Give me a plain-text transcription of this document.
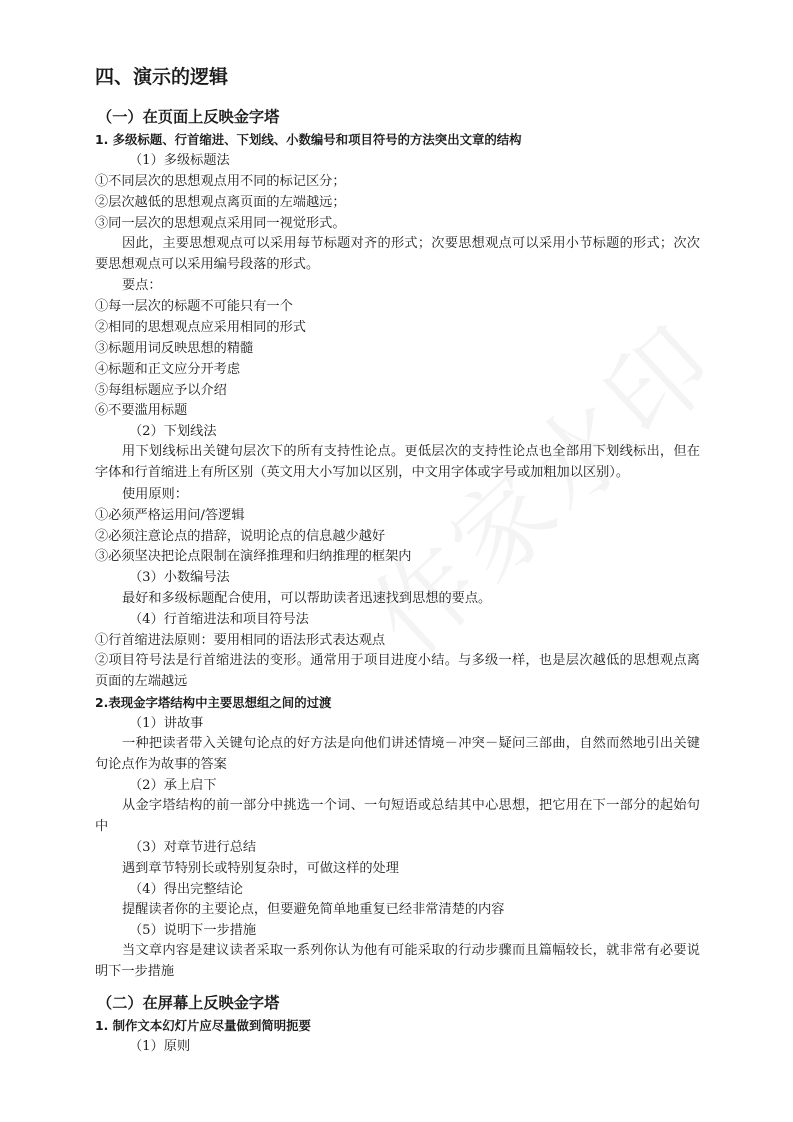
四、演示的逻辑
（一）在页面上反映金字塔
1. 多级标题、行首缩进、下划线、小数编号和项目符号的方法突出文章的结构
（1）多级标题法
①不同层次的思想观点用不同的标记区分；
②层次越低的思想观点离页面的左端越远；
③同一层次的思想观点采用同一视觉形式。
因此，主要思想观点可以采用每节标题对齐的形式；次要思想观点可以采用小节标题的形式；次次要思想观点可以采用编号段落的形式。
要点：
①每一层次的标题不可能只有一个
②相同的思想观点应采用相同的形式
③标题用词反映思想的精髓
④标题和正文应分开考虑
⑤每组标题应予以介绍
⑥不要滥用标题
（2）下划线法
用下划线标出关键句层次下的所有支持性论点。更低层次的支持性论点也全部用下划线标出，但在字体和行首缩进上有所区别（英文用大小写加以区别，中文用字体或字号或加粗加以区别）。
使用原则：
①必须严格运用问/答逻辑
②必须注意论点的措辞，说明论点的信息越少越好
③必须坚决把论点限制在演绎推理和归纳推理的框架内
（3）小数编号法
最好和多级标题配合使用，可以帮助读者迅速找到思想的要点。
（4）行首缩进法和项目符号法
①行首缩进法原则：要用相同的语法形式表达观点
②项目符号法是行首缩进法的变形。通常用于项目进度小结。与多级一样，也是层次越低的思想观点离页面的左端越远
2.表现金字塔结构中主要思想组之间的过渡
（1）讲故事
一种把读者带入关键句论点的好方法是向他们讲述情境－冲突－疑问三部曲，自然而然地引出关键句论点作为故事的答案
（2）承上启下
从金字塔结构的前一部分中挑选一个词、一句短语或总结其中心思想，把它用在下一部分的起始句中
（3）对章节进行总结
遇到章节特别长或特别复杂时，可做这样的处理
（4）得出完整结论
提醒读者你的主要论点，但要避免简单地重复已经非常清楚的内容
（5）说明下一步措施
当文章内容是建议读者采取一系列你认为他有可能采取的行动步骤而且篇幅较长，就非常有必要说明下一步措施
（二）在屏幕上反映金字塔
1. 制作文本幻灯片应尽量做到简明扼要
（1）原则
